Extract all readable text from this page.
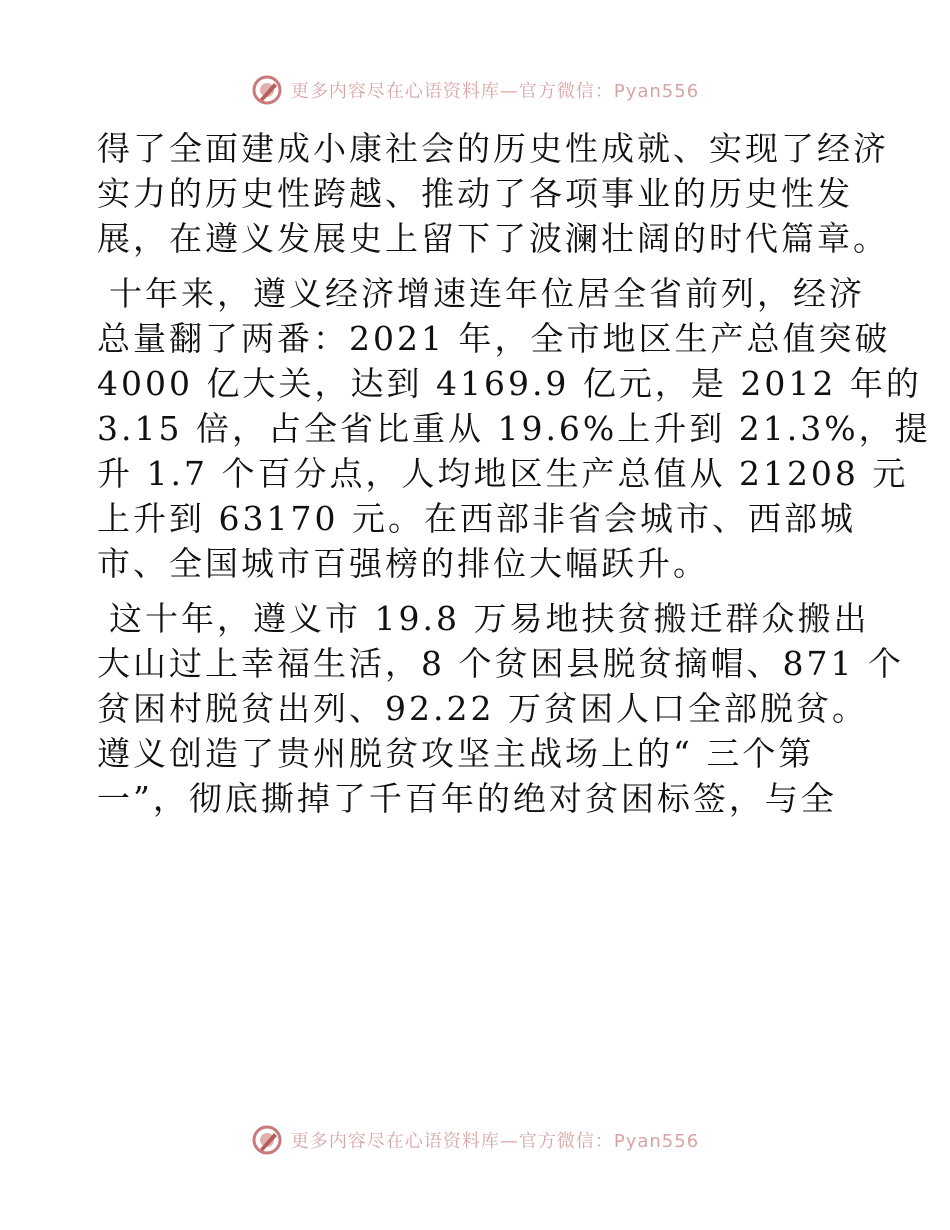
更多内容尽在心语资料库—官方微信：Pyan556
得了全面建成小康社会的历史性成就、实现了经济
实力的历史性跨越、推动了各项事业的历史性发
展，在遵义发展史上留下了波澜壮阔的时代篇章。
十年来，遵义经济增速连年位居全省前列，经济
总量翻了两番：2021 年，全市地区生产总值突破
4000 亿大关，达到 4169.9 亿元，是 2012 年的
3.15 倍，占全省比重从 19.6%上升到 21.3%，提
升 1.7 个百分点，人均地区生产总值从 21208 元
上升到 63170 元。在西部非省会城市、西部城
市、全国城市百强榜的排位大幅跃升。
这十年，遵义市 19.8 万易地扶贫搬迁群众搬出
大山过上幸福生活，8 个贫困县脱贫摘帽、871 个
贫困村脱贫出列、92.22 万贫困人口全部脱贫。
遵义创造了贵州脱贫攻坚主战场上的“ 三个第
一”，彻底撕掉了千百年的绝对贫困标签，与全
更多内容尽在心语资料库—官方微信：Pyan556
